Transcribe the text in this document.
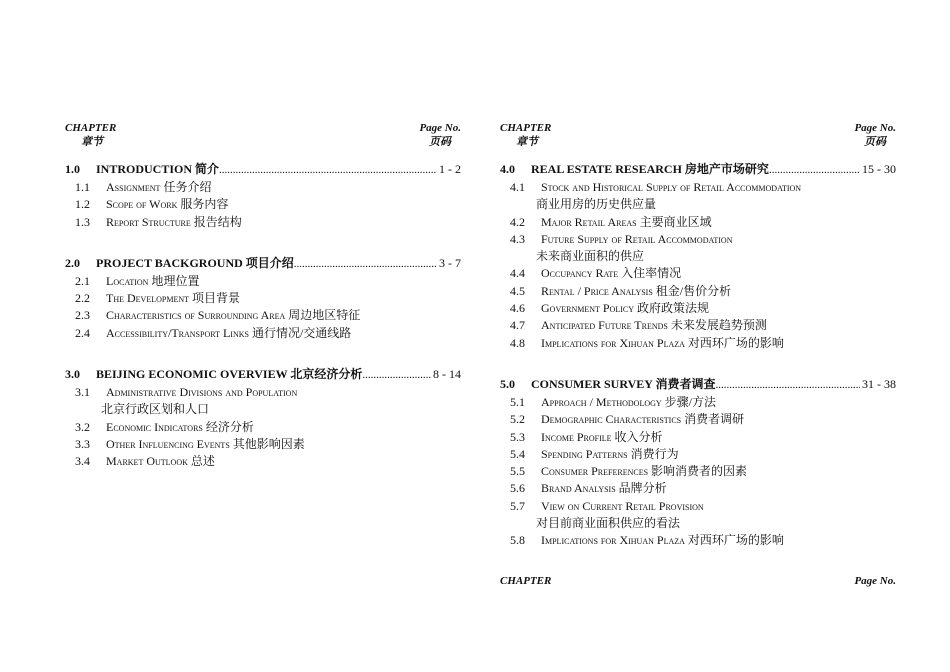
CHAPTER
章节
Page No.
页码
1.0	INTRODUCTION 简介 .....	1 - 2
1.1	Assignment 任务介绍
1.2	Scope of Work 服务内容
1.3	Report Structure 报告结构
2.0	PROJECT BACKGROUND 项目介绍 .....	3 - 7
2.1	Location 地理位置
2.2	The Development 项目背景
2.3	Characteristics of Surrounding Area 周边地区特征
2.4	Accessibility/Transport Links 通行情况/交通线路
3.0	BEIJING ECONOMIC OVERVIEW 北京经济分析 .....	8 - 14
3.1	Administrative Divisions and Population
北京行政区划和人口
3.2	Economic Indicators 经济分析
3.3	Other Influencing Events 其他影响因素
3.4	Market Outlook 总述
CHAPTER
章节
Page No.
页码
4.0	REAL ESTATE RESEARCH 房地产市场研究 .....	15 - 30
4.1	Stock and Historical Supply of Retail Accommodation
商业用房的历史供应量
4.2	Major Retail Areas 主要商业区域
4.3	Future Supply of Retail Accommodation
未来商业面积的供应
4.4	Occupancy Rate 入住率情况
4.5	Rental / Price Analysis 租金/售价分析
4.6	Government Policy 政府政策法规
4.7	Anticipated Future Trends 未来发展趋势预测
4.8	Implications for Xihuan Plaza 对西环广场的影响
5.0	CONSUMER SURVEY 消费者调查 .....	31 - 38
5.1	Approach / Methodology 步骤/方法
5.2	Demographic Characteristics 消费者调研
5.3	Income Profile 收入分析
5.4	Spending Patterns 消费行为
5.5	Consumer Preferences 影响消费者的因素
5.6	Brand Analysis 品牌分析
5.7	View on Current Retail Provision
对目前商业面积供应的看法
5.8	Implications for Xihuan Plaza 对西环广场的影响
CHAPTER	Page No.
